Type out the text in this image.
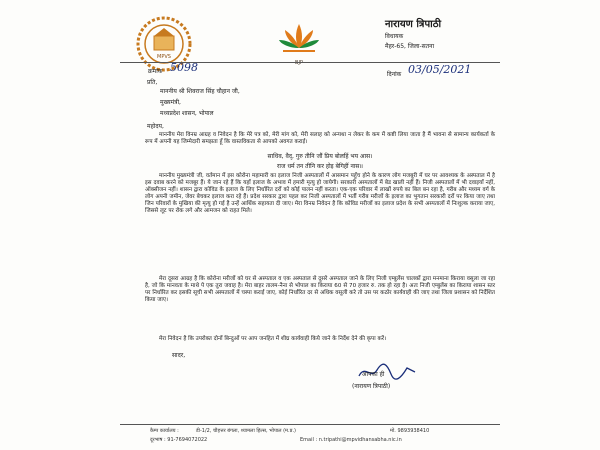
MPVS
BJP
नारायण त्रिपाठी
विधायक
मैहर-65, जिला-सतना
क्रमांक 5098
दिनांक 03/05/2021
प्रति,
माननीय श्री शिवराज सिंह चौहान जी,
मुख्यमंत्री,
मध्यप्रदेश शासन, भोपाल
महोदय,
माननीय मेरा विनम्र आग्रह व निवेदन है कि मेरे पत्र को, मेरी मांग को, मेरी सलाह को अन्यथा न लेकर के कम में कष्टी लिया जाता है मैं भावना से सामान्य कार्यकर्ता के रूप में अपनी यह जिम्मेदारी समझता हूँ कि वास्तविकता से आपको अवगत कराई।
साधिव, वैद्, गुरु तीनि जौं प्रिय बोलहिं भय आस।
राज धर्म तन तीनि कर होइ बेगिहीं नास॥
माननीय मुख्यमंत्री जी, वर्तमान में इस कोरोना महामारी का इलाज निजी अस्पतालों में आसमान पहुँच होने के कारण लोग मजबूरी में घर पर आवश्यक के अस्पताल में है इस दवाब करने को मजबूर हैं। ये जान रहे हैं कि यहाँ इलाज के अभाव में हमारी मृत्यु हो जायेगी। सरकारी अस्पतालों में बेड खाली नहीं हैं। निजी अस्पतालों में भी दवाइयाँ नहीं, ऑक्सीजन नहीं। शासन द्वारा कोविड के इलाज के लिए निर्धारित दरों को कोई पालन नहीं करता। एक-एक परिवार में लाखों रुपये का बिल बन रहा है, गरीब और मध्यम वर्ग के लोग अपनी जमीन, जेवर बेचकर इलाज करा रहे हैं। प्रदेश सरकार द्वारा पहल कर निजी अस्पतालों में भर्ती गरीब मरीजों के इलाज का भुगतान सरकारी दरों पर किया जाए तथा जिन परिवारों के मुखिया की मृत्यु हो गई है उन्हें आर्थिक सहायता दी जाए। मेरा विनम्र निवेदन है कि कोविड मरीजों का इलाज प्रदेश के सभी अस्पतालों में निःशुल्क कराया जाए, जिससे लूट पर रोक लगे और आमजन को राहत मिले।
मेरा दूसरा आग्रह है कि कोरोना मरीजों को घर से अस्पताल व एक अस्पताल से दूसरे अस्पताल जाने के लिए निजी एम्बुलेंस चालकों द्वारा मनमाना किराया वसूला जा रहा है, जो कि मानवता के माथे पे एक तुरा जवाह है। मेरा बाहर तालम-नैना से भोपाल का किराया 60 से 70 हजार रु. तक हो रहा है। अतः निजी एम्बुलेंस का किराया शासन स्तर पर निर्धारित कर इसकी सूची सभी अस्पतालों में चस्पा कराई जाए, कोई निर्धारित दर से अधिक वसूली करे तो उस पर कठोर कार्यवाही की जाए तथा जिला प्रशासन को निर्देशित किया जाए।
मेरा निवेदन है कि उपरोक्त दोनों बिन्दुओं पर आप जनहित में शीघ्र कार्यवाही किये जाने के निर्देश देने की कृपा करें।
सादर,
आपका ही
(नारायण त्रिपाठी)
कैम्प कार्यालय :	डी-1/2, चौहत्तर बंगला, श्यामला हिल्स, भोपाल (म.प्र.)	मो. 9893938410
दूरभाष : 91-7694072022	Email : n.tripathi@mpvidhansabha.nic.in
